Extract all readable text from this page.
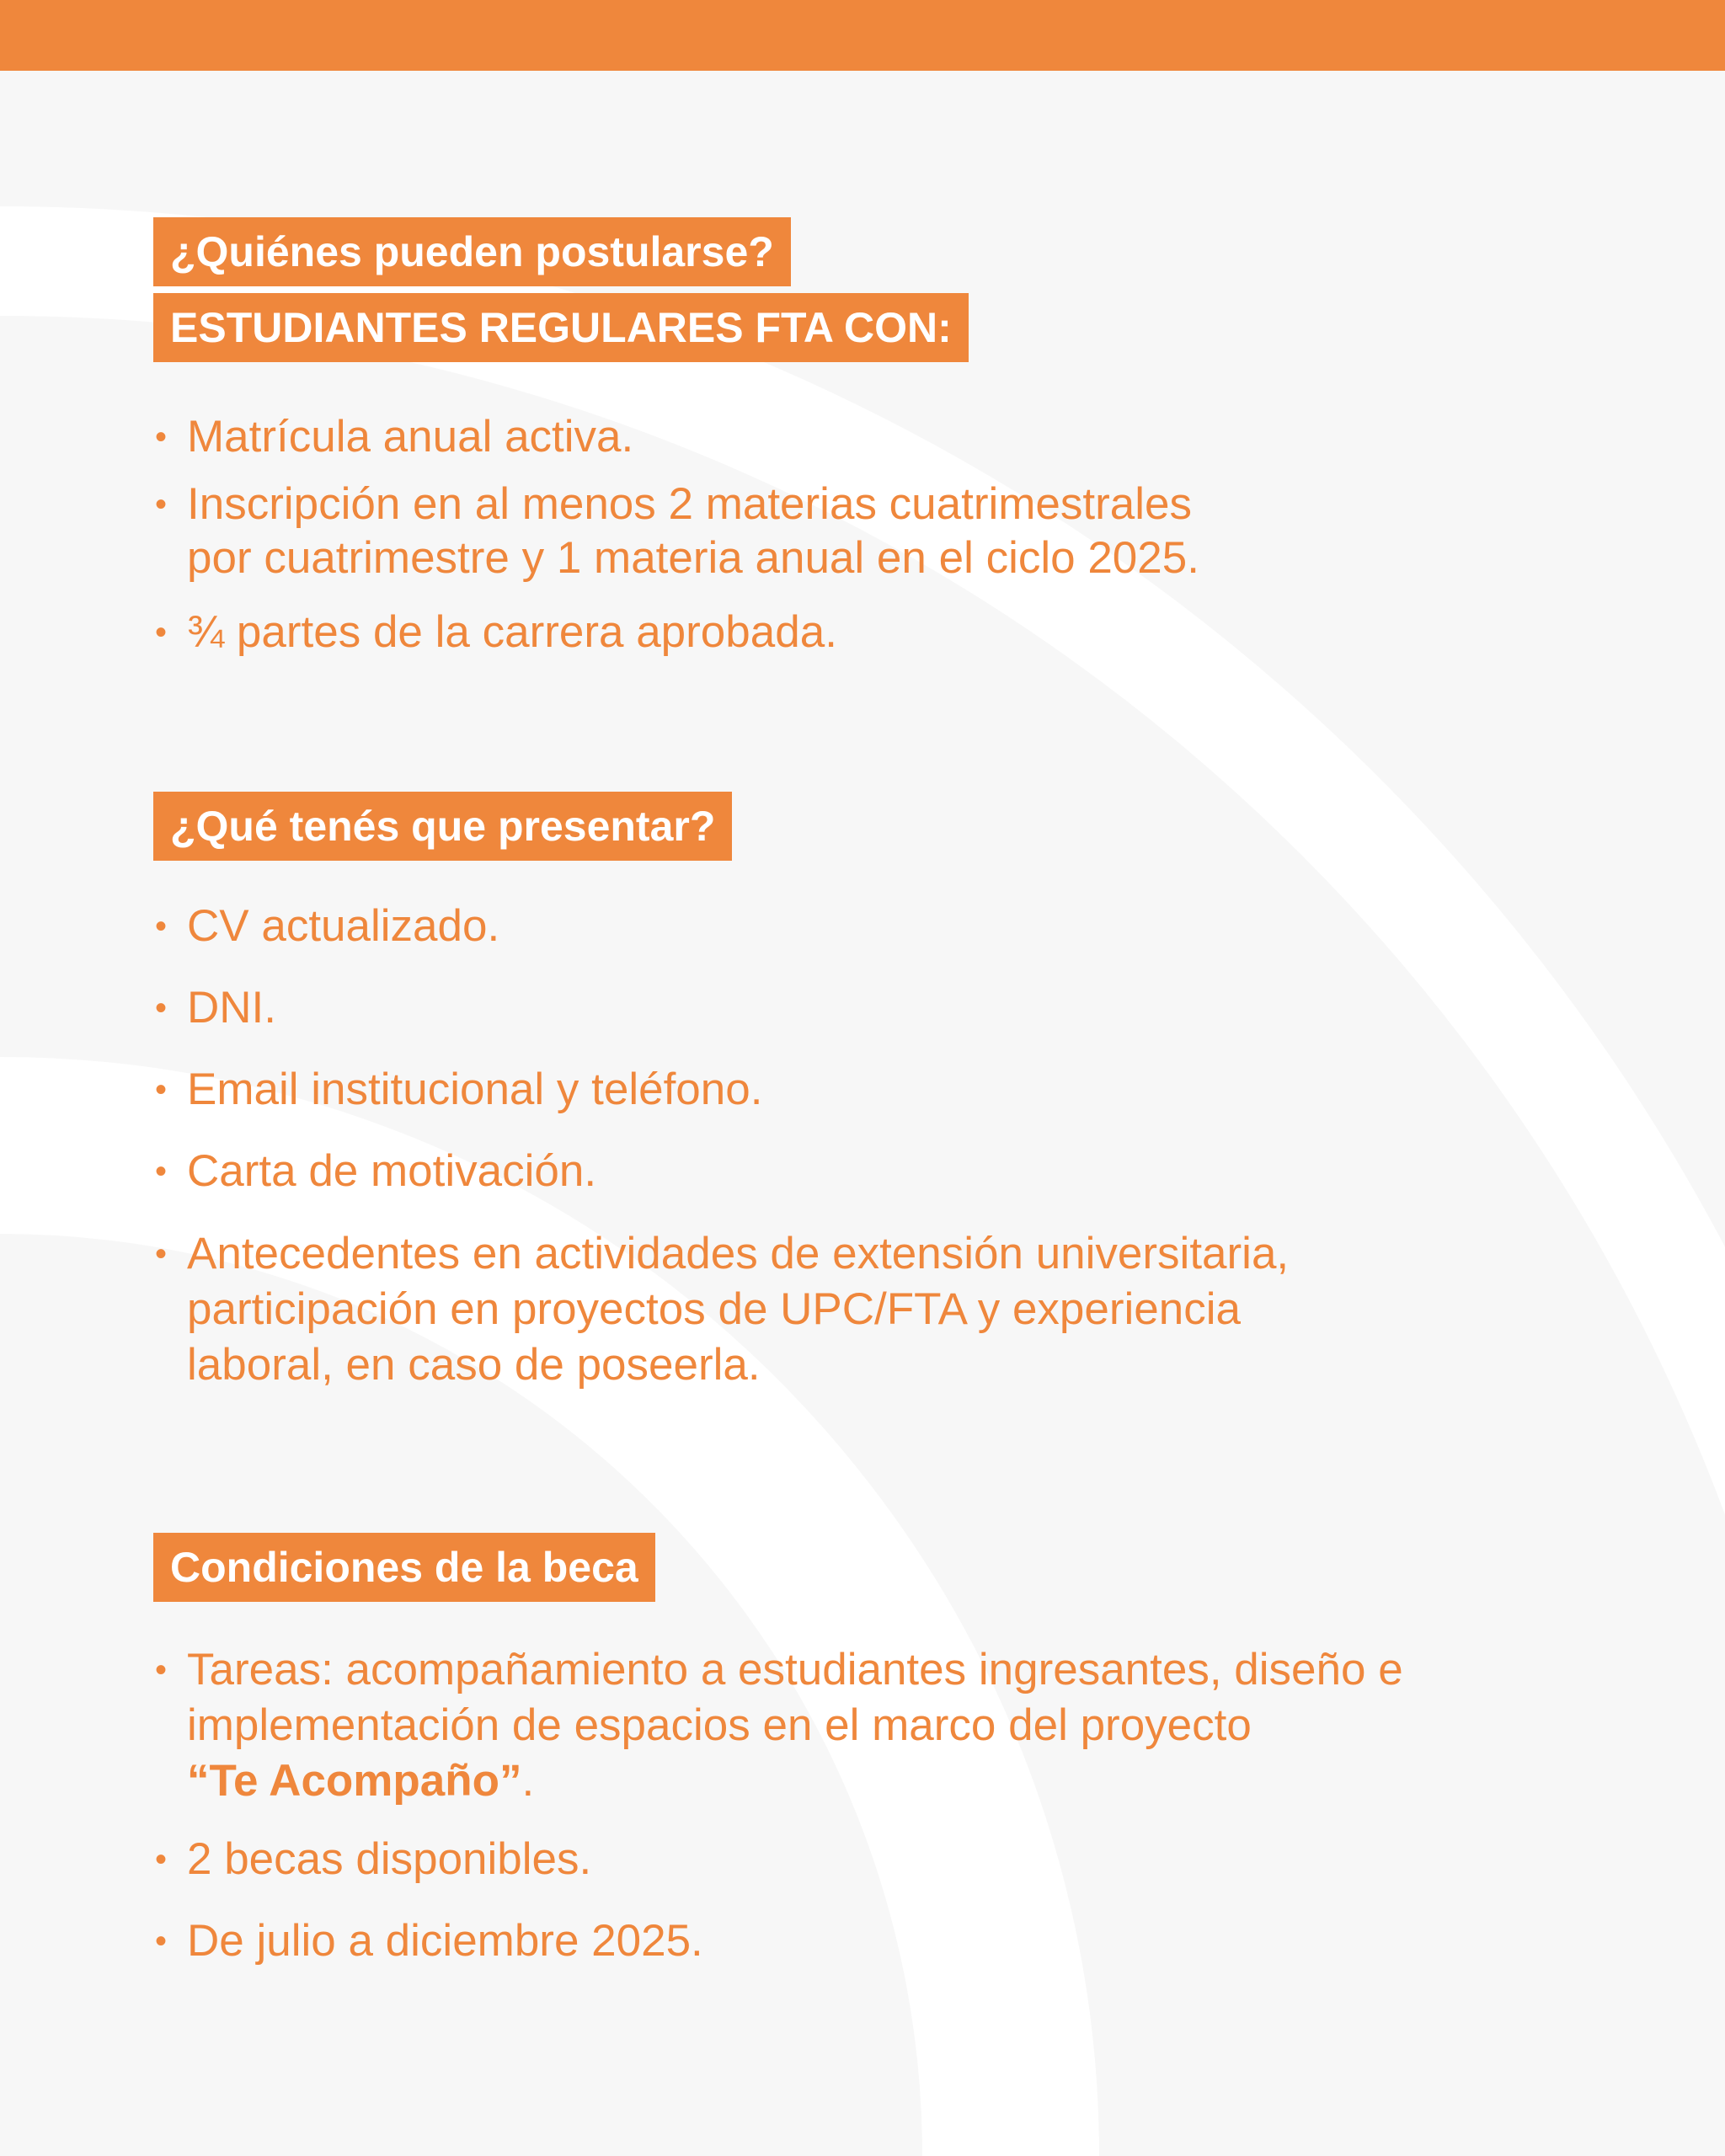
¿Quiénes pueden postularse?
ESTUDIANTES REGULARES FTA CON:
• Matrícula anual activa.
• Inscripción en al menos 2 materias cuatrimestrales
por cuatrimestre y 1 materia anual en el ciclo 2025.
• ¾ partes de la carrera aprobada.
¿Qué tenés que presentar?
• CV actualizado.
• DNI.
• Email institucional y teléfono.
• Carta de motivación.
• Antecedentes en actividades de extensión universitaria,
participación en proyectos de UPC/FTA y experiencia
laboral, en caso de poseerla.
Condiciones de la beca
• Tareas: acompañamiento a estudiantes ingresantes, diseño e
implementación de espacios en el marco del proyecto
“Te Acompaño”.
• 2 becas disponibles.
• De julio a diciembre 2025.
